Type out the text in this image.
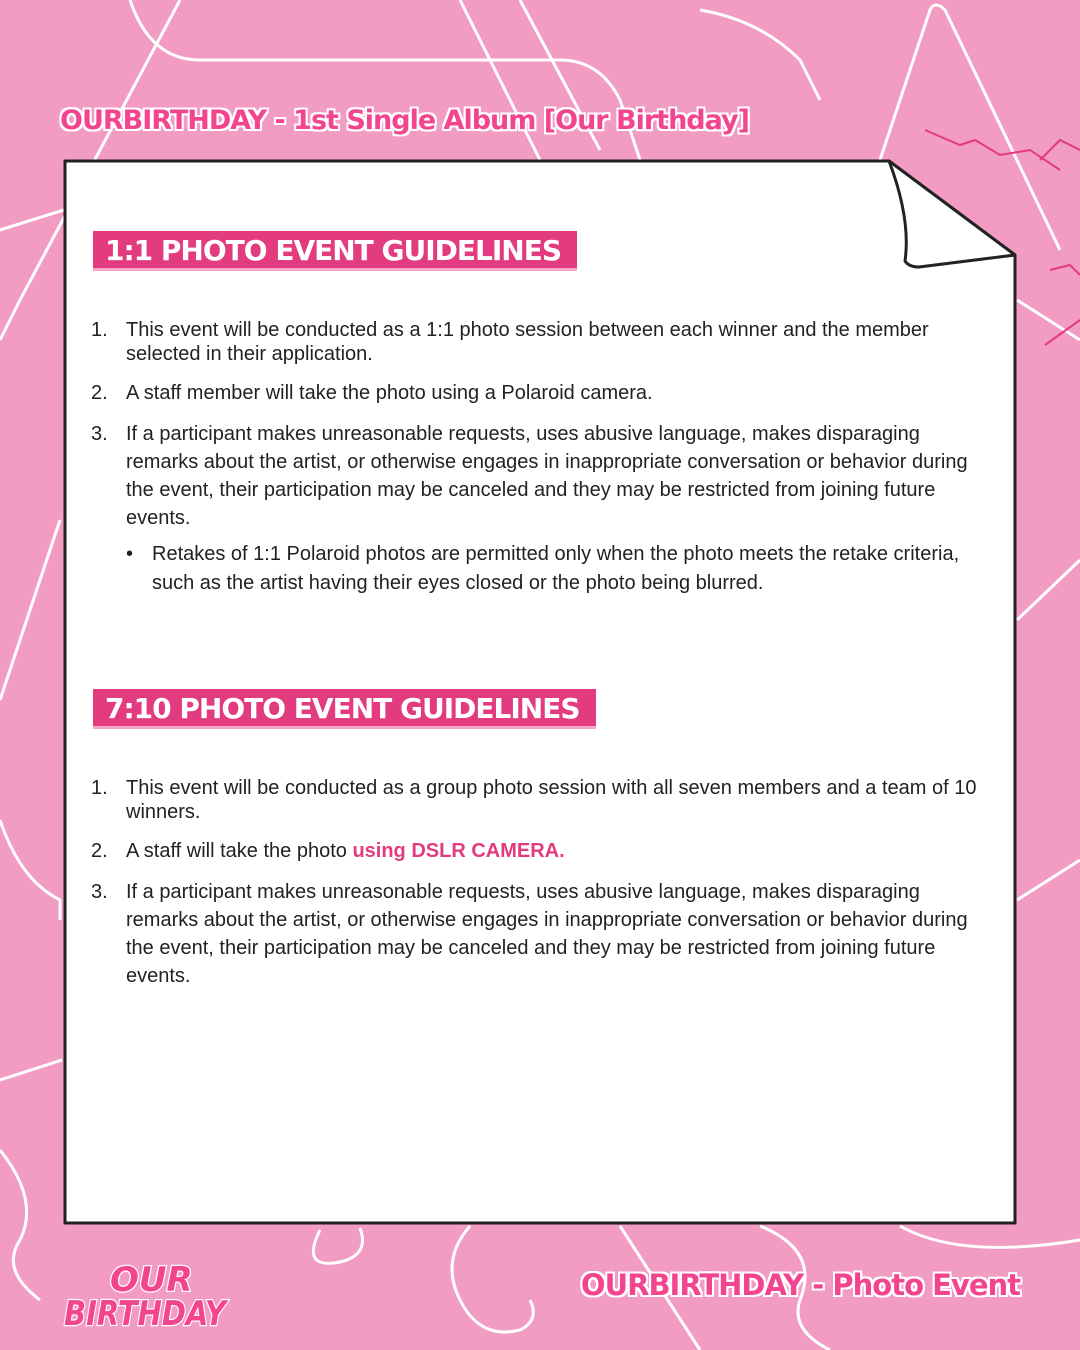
OURBIRTHDAY - 1st Single Album [Our Birthday]
1:1 PHOTO EVENT GUIDELINES
1. This event will be conducted as a 1:1 photo session between each winner and the member selected in their application.
2. A staff member will take the photo using a Polaroid camera.
3. If a participant makes unreasonable requests, uses abusive language, makes disparaging remarks about the artist, or otherwise engages in inappropriate conversation or behavior during the event, their participation may be canceled and they may be restricted from joining future events.
• Retakes of 1:1 Polaroid photos are permitted only when the photo meets the retake criteria, such as the artist having their eyes closed or the photo being blurred.
7:10 PHOTO EVENT GUIDELINES
1. This event will be conducted as a group photo session with all seven members and a team of 10 winners.
2. A staff will take the photo using DSLR CAMERA.
3. If a participant makes unreasonable requests, uses abusive language, makes disparaging remarks about the artist, or otherwise engages in inappropriate conversation or behavior during the event, their participation may be canceled and they may be restricted from joining future events.
OUR
BIRTHDAY
OURBIRTHDAY - Photo Event
